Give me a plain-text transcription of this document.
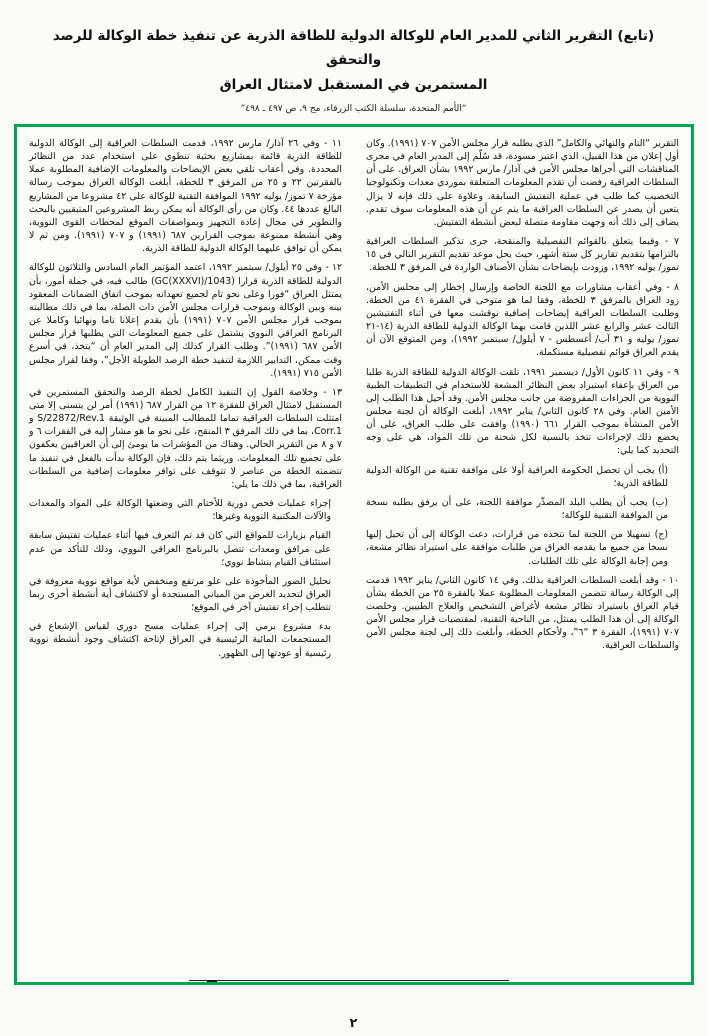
(تابع) التقرير الثاني للمدير العام للوكالة الدولية للطاقة الذرية عن تنفيذ خطة الوكالة للرصد والتحقق
المستمرين في المستقبل لامتثال العراق
“الأمم المتحدة، سلسلة الكتب الزرقاء، مج ٩، ص ٤٩٧ ـ ٤٩٨”

التقرير “التام والنهائي والكامل” الذي يطلبه قرار مجلس الأمن ٧٠٧ (١٩٩١). وكان أول إعلان من هذا القبيل، الذي اعتبر مسودة، قد سُلّم إلى المدير العام في مجرى المناقشات التي أجراها مجلس الأمن في آذار/ مارس ١٩٩٢ بشأن العراق. على أن السلطات العراقية رفضت أن تقدم المعلومات المتعلقة بموردي معدات وتكنولوجيا التخصيب كما طلب في عملية التفتيش السابقة. وعلاوة على ذلك فإنه لا يزال يتعين أن يصدر عن السلطات العراقية ما ينم عن أن هذه المعلومات سوف تقدم. يضاف إلى ذلك أنه وجهت مقاومة متصلة لبعض أنشطة التفتيش.

٧ - وفيما يتعلق بالقوائم التفصيلية والمنقحة، جرى تذكير السلطات العراقية بالتزامها بتقديم تقارير كل ستة أشهر، حيث يحل موعد تقديم التقرير التالي في ١٥ تموز/ يوليه ١٩٩٢، وزودت بإيضاحات بشأن الأصناف الواردة في المرفق ٣ للخطة.

٨ - وفي أعقاب مشاورات مع اللجنة الخاصة وإرسال إخطار إلى مجلس الأمن، زود العراق بالمرفق ٣ للخطة، وفقا لما هو متوخى في الفقرة ٤١ من الخطة. وطلبت السلطات العراقية إيضاحات إضافية نوقشت معها في أثناء التفتيشين الثالث عشر والرابع عشر اللذين قامت بهما الوكالة الدولية للطاقة الذرية (١٤-٢١ تموز/ يوليه و ٣١ آب/ أغسطس - ٧ أيلول/ سبتمبر ١٩٩٢)، ومن المتوقع الآن أن يقدم العراق قوائم تفصيلية مستكملة.

٩ - وفي ١١ كانون الأول/ ديسمبر ١٩٩١، تلقت الوكالة الدولية للطاقة الذرية طلبا من العراق بإعفاء استيراد بعض النظائر المشعة للاستخدام في التطبيقات الطبية النووية من الجزاءات المفروضة من جانب مجلس الأمن. وقد أحيل هذا الطلب إلى الأمين العام. وفي ٢٨ كانون الثاني/ يناير ١٩٩٢، أبلغت الوكالة أن لجنة مجلس الأمن المنشأة بموجب القرار ٦٦١ (١٩٩٠) وافقت على طلب العراق، على أن يخضع ذلك لإجراءات تتخذ بالنسبة لكل شحنة من تلك المواد، هي على وجه التحديد كما يلي:

(أ) يجب أن تحصل الحكومة العراقية أولا على موافقة تقنية من الوكالة الدولية للطاقة الذرية؛

(ب) يجب أن يطلب البلد المصدِّر موافقة اللجنة، على أن يرفق بطلبه نسخة من الموافقة التقنية للوكالة؛

(ج) تسهيلا من اللجنة لما تتخذه من قرارات، دعت الوكالة إلى أن تحيل إليها نسخا من جميع ما يقدمه العراق من طلبات موافقة على استيراد نظائر مشعة، ومن إجابة الوكالة على تلك الطلبات.

١٠ - وقد أبلغت السلطات العراقية بذلك. وفي ١٤ كانون الثاني/ يناير ١٩٩٢ قدمت إلى الوكالة رسالة تتضمن المعلومات المطلوبة عملا بالفقرة ٢٥ من الخطة بشأن قيام العراق باستيراد نظائر مشعة لأغراض التشخيص والعلاج الطبيين. وخلصت الوكالة إلى أن هذا الطلب يمتثل، من الناحية التقنية، لمقتضيات قرار مجلس الأمن ٧٠٧ (١٩٩١)، الفقرة ٣ “٦”، ولأحكام الخطة، وأبلغت ذلك إلى لجنة مجلس الأمن والسلطات العراقية.

١١ - وفي ٢٦ آذار/ مارس ١٩٩٢، قدمت السلطات العراقية إلى الوكالة الدولية للطاقة الذرية قائمة بمشاريع بحثية تنطوي على استخدام عدد من النظائر المحددة. وفي أعقاب تلقي بعض الإيضاحات والمعلومات الإضافية المطلوبة عملا بالفقرتين ٢٢ و ٢٥ من المرفق ٣ للخطة، أبلغت الوكالة العراق بموجب رسالة مؤرخة ٧ تموز/ يوليه ١٩٩٢ الموافقة التقنية للوكالة على ٤٢ مشروعا من المشاريع البالغ عددها ٤٤. وكان من رأي الوكالة أنه يمكن ربط المشروعين المتبقيين بالبحث والتطوير في مجال إعادة التجهيز وبمواصفات الموقع لمحطات القوى النووية، وهي أنشطة ممنوعة بموجب القرارين ٦٨٧ (١٩٩١) و ٧٠٧ (١٩٩١). ومن ثم لا يمكن أن توافق عليهما الوكالة الدولية للطاقة الذرية.

١٢ - وفي ٢٥ أيلول/ سبتمبر ١٩٩٢، اعتمد المؤتمر العام السادس والثلاثون للوكالة الدولية للطاقة الذرية قرارا (GC(XXXVI)/1043) طالب فيه، في جملة أمور، بأن يمتثل العراق “فورا وعلى نحو تام لجميع تعهداته بموجب اتفاق الضمانات المعقود بينه وبين الوكالة وبموجب قرارات مجلس الأمن ذات الصلة، بما في ذلك مطالبته بموجب قرار مجلس الأمن ٧٠٧ (١٩٩١) بأن يقدم إعلانا تاما ونهائيا وكاملا عن البرنامج العراقي النووي يشتمل على جميع المعلومات التي يطلبها قرار مجلس الأمن ٦٨٧ (١٩٩١)”. وطلب القرار كذلك إلى المدير العام أن “يتخذ، في أسرع وقت ممكن، التدابير اللازمة لتنفيذ خطة الرصد الطويلة الأجل”، وفقا لقرار مجلس الأمن ٧١٥ (١٩٩١).

١٣ - وخلاصة القول إن التنفيذ الكامل لخطة الرصد والتحقق المستمرين في المستقبل لامتثال العراق للفقرة ١٢ من القرار ٦٨٧ (١٩٩١) أمر لن يتسنى إلا متى امتثلت السلطات العراقية تماما للمطالب المبينة في الوثيقة S/22872/Rev.1 و Corr.1، بما في ذلك المرفق ٣ المنقح، على نحو ما هو مشار إليه في الفقرات ٦ و ٧ و ٨ من التقرير الحالي. وهناك من المؤشرات ما يومئ إلى أن العراقيين يعكفون على تجميع تلك المعلومات. وريثما يتم ذلك، فإن الوكالة بدأت بالفعل في تنفيذ ما تتضمنه الخطة من عناصر لا تتوقف على توافر معلومات إضافية من السلطات العراقية، بما في ذلك ما يلي:

إجراء عمليات فحص دورية للأختام التي وضعتها الوكالة على المواد والمعدات والآلات المكتبية النووية وغيرها؛

القيام بزيارات للمواقع التي كان قد تم التعرف فيها أثناء عمليات تفتيش سابقة على مرافق ومعدات تتصل بالبرنامج العراقي النووي، وذلك للتأكد من عدم استئناف القيام بنشاط نووي؛

تحليل الصور المأخوذة على علو مرتفع ومنخفض لأية مواقع نووية معروفة في العراق لتحديد الغرض من المباني المستجدة أو لاكتشاف أية أنشطة أخرى ربما تتطلب إجراء تفتيش آخر في الموقع؛

بدء مشروع يرمي إلى إجراء عمليات مسح دوري لقياس الإشعاع في المستجمعات المائية الرئيسية في العراق لإتاحة اكتشاف وجود أنشطة نووية رئيسية أو عودتها إلى الظهور.

٢
